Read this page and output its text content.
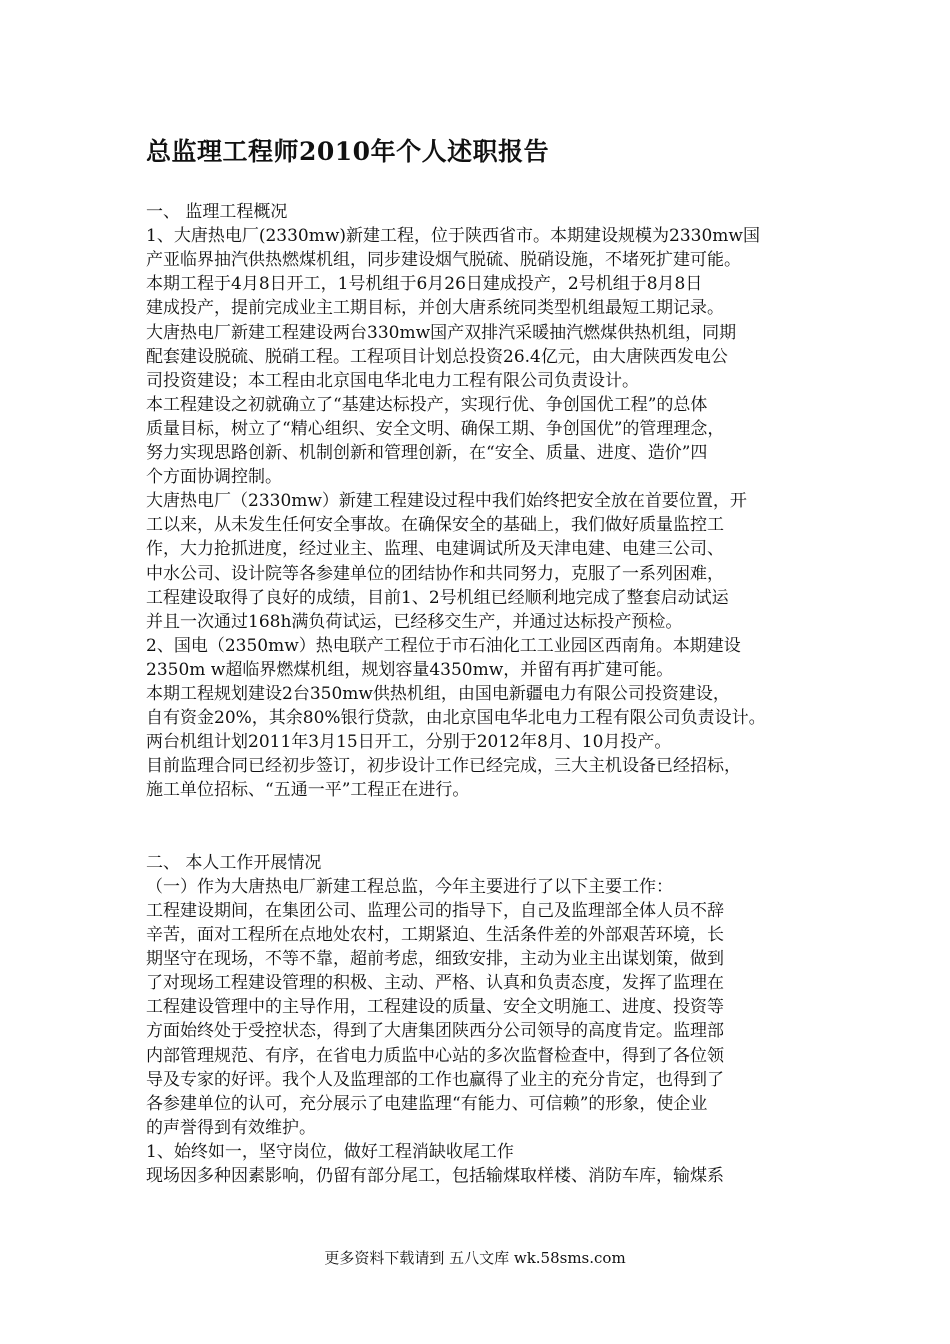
总监理工程师2010年个人述职报告
一、 监理工程概况
1、大唐热电厂(2330mw)新建工程，位于陕西省市。本期建设规模为2330mw国
产亚临界抽汽供热燃煤机组，同步建设烟气脱硫、脱硝设施，不堵死扩建可能。
本期工程于4月8日开工，1号机组于6月26日建成投产，2号机组于8月8日
建成投产，提前完成业主工期目标，并创大唐系统同类型机组最短工期记录。
大唐热电厂新建工程建设两台330mw国产双排汽采暖抽汽燃煤供热机组，同期
配套建设脱硫、脱硝工程。工程项目计划总投资26.4亿元，由大唐陕西发电公
司投资建设；本工程由北京国电华北电力工程有限公司负责设计。
本工程建设之初就确立了“基建达标投产，实现行优、争创国优工程”的总体
质量目标，树立了“精心组织、安全文明、确保工期、争创国优”的管理理念，
努力实现思路创新、机制创新和管理创新，在“安全、质量、进度、造价”四
个方面协调控制。
大唐热电厂（2330mw）新建工程建设过程中我们始终把安全放在首要位置，开
工以来，从未发生任何安全事故。在确保安全的基础上，我们做好质量监控工
作，大力抢抓进度，经过业主、监理、电建调试所及天津电建、电建三公司、
中水公司、设计院等各参建单位的团结协作和共同努力，克服了一系列困难，
工程建设取得了良好的成绩，目前1、2号机组已经顺利地完成了整套启动试运
并且一次通过168h满负荷试运，已经移交生产，并通过达标投产预检。
2、国电（2350mw）热电联产工程位于市石油化工工业园区西南角。本期建设
2350m w超临界燃煤机组，规划容量4350mw，并留有再扩建可能。
本期工程规划建设2台350mw供热机组，由国电新疆电力有限公司投资建设，
自有资金20%，其余80%银行贷款，由北京国电华北电力工程有限公司负责设计。
两台机组计划2011年3月15日开工，分别于2012年8月、10月投产。
目前监理合同已经初步签订，初步设计工作已经完成，三大主机设备已经招标，
施工单位招标、“五通一平”工程正在进行。
二、 本人工作开展情况
（一）作为大唐热电厂新建工程总监，今年主要进行了以下主要工作：
工程建设期间，在集团公司、监理公司的指导下，自己及监理部全体人员不辞
辛苦，面对工程所在点地处农村，工期紧迫、生活条件差的外部艰苦环境，长
期坚守在现场，不等不靠，超前考虑，细致安排，主动为业主出谋划策，做到
了对现场工程建设管理的积极、主动、严格、认真和负责态度，发挥了监理在
工程建设管理中的主导作用，工程建设的质量、安全文明施工、进度、投资等
方面始终处于受控状态，得到了大唐集团陕西分公司领导的高度肯定。监理部
内部管理规范、有序，在省电力质监中心站的多次监督检查中，得到了各位领
导及专家的好评。我个人及监理部的工作也赢得了业主的充分肯定，也得到了
各参建单位的认可，充分展示了电建监理“有能力、可信赖”的形象，使企业
的声誉得到有效维护。
1、始终如一，坚守岗位，做好工程消缺收尾工作
现场因多种因素影响，仍留有部分尾工，包括输煤取样楼、消防车库，输煤系
更多资料下载请到 五八文库 wk.58sms.com
